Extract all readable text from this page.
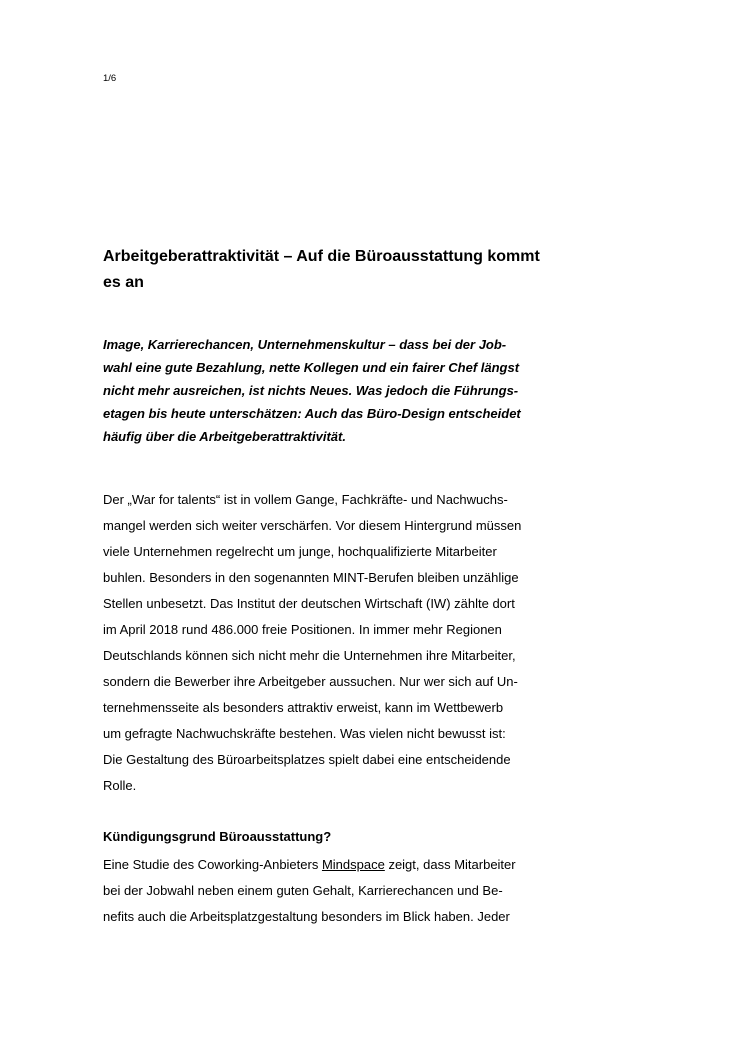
1/6
Arbeitgeberattraktivität – Auf die Büroausstattung kommt
es an

Image, Karrierechancen, Unternehmenskultur – dass bei der Job-
wahl eine gute Bezahlung, nette Kollegen und ein fairer Chef längst
nicht mehr ausreichen, ist nichts Neues. Was jedoch die Führungs-
etagen bis heute unterschätzen: Auch das Büro-Design entscheidet
häufig über die Arbeitgeberattraktivität.

Der „War for talents“ ist in vollem Gange, Fachkräfte- und Nachwuchs-
mangel werden sich weiter verschärfen. Vor diesem Hintergrund müssen
viele Unternehmen regelrecht um junge, hochqualifizierte Mitarbeiter
buhlen. Besonders in den sogenannten MINT-Berufen bleiben unzählige
Stellen unbesetzt. Das Institut der deutschen Wirtschaft (IW) zählte dort
im April 2018 rund 486.000 freie Positionen. In immer mehr Regionen
Deutschlands können sich nicht mehr die Unternehmen ihre Mitarbeiter,
sondern die Bewerber ihre Arbeitgeber aussuchen. Nur wer sich auf Un-
ternehmensseite als besonders attraktiv erweist, kann im Wettbewerb
um gefragte Nachwuchskräfte bestehen. Was vielen nicht bewusst ist:
Die Gestaltung des Büroarbeitsplatzes spielt dabei eine entscheidende
Rolle.

Kündigungsgrund Büroausstattung?

Eine Studie des Coworking-Anbieters Mindspace zeigt, dass Mitarbeiter
bei der Jobwahl neben einem guten Gehalt, Karrierechancen und Be-
nefits auch die Arbeitsplatzgestaltung besonders im Blick haben. Jeder
